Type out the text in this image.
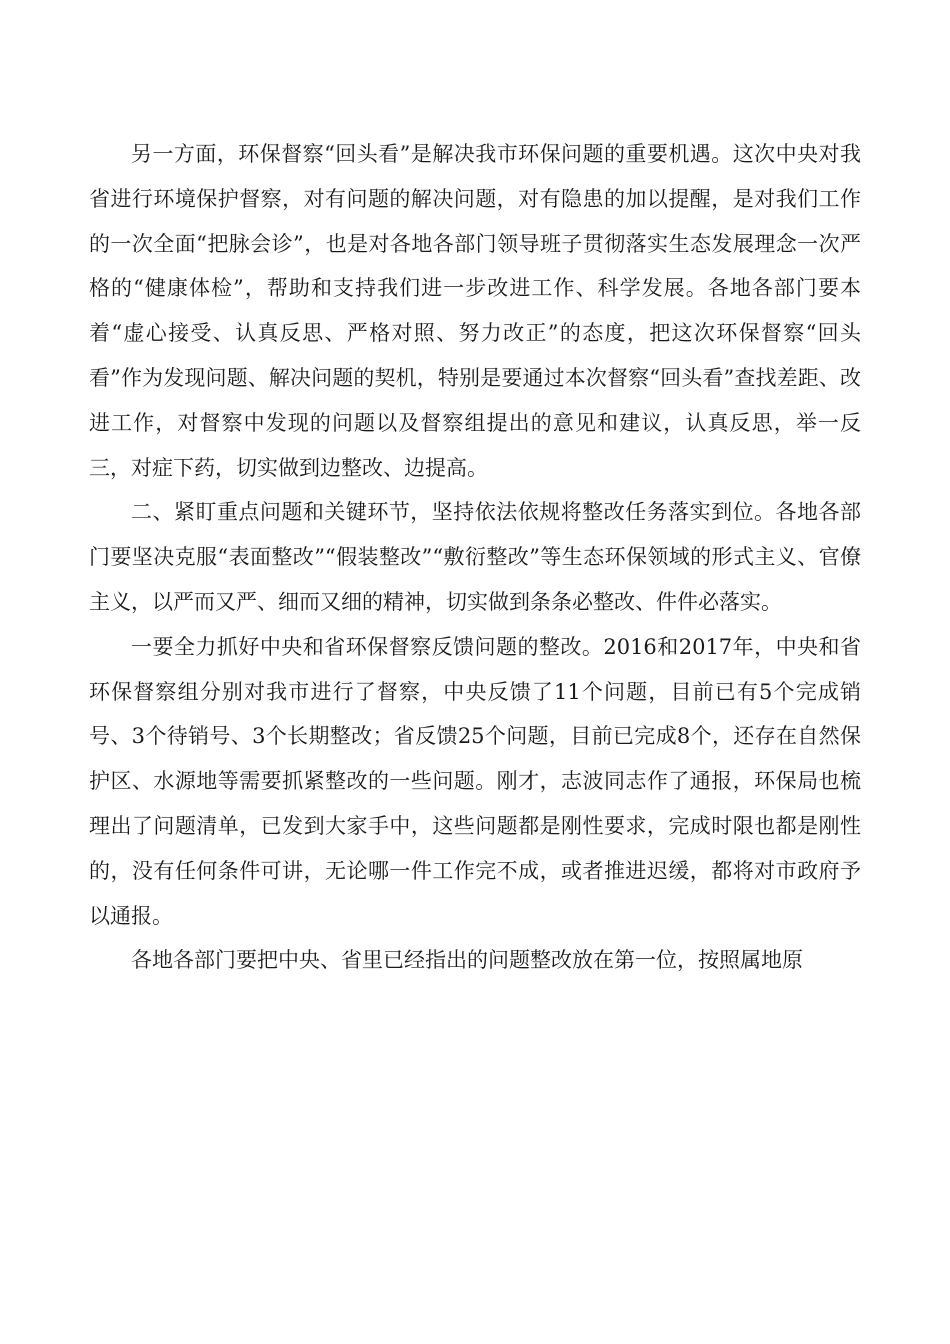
另一方面，环保督察“回头看”是解决我市环保问题的重要机遇。这次中央对我省进行环境保护督察，对有问题的解决问题，对有隐患的加以提醒，是对我们工作的一次全面“把脉会诊”，也是对各地各部门领导班子贯彻落实生态发展理念一次严格的“健康体检”，帮助和支持我们进一步改进工作、科学发展。各地各部门要本着“虚心接受、认真反思、严格对照、努力改正”的态度，把这次环保督察“回头看”作为发现问题、解决问题的契机，特别是要通过本次督察“回头看”查找差距、改进工作，对督察中发现的问题以及督察组提出的意见和建议，认真反思，举一反三，对症下药，切实做到边整改、边提高。

二、紧盯重点问题和关键环节，坚持依法依规将整改任务落实到位。各地各部门要坚决克服“表面整改”“假装整改”“敷衍整改”等生态环保领域的形式主义、官僚主义，以严而又严、细而又细的精神，切实做到条条必整改、件件必落实。

一要全力抓好中央和省环保督察反馈问题的整改。2016和2017年，中央和省环保督察组分别对我市进行了督察，中央反馈了11个问题，目前已有5个完成销号、3个待销号、3个长期整改；省反馈25个问题，目前已完成8个，还存在自然保护区、水源地等需要抓紧整改的一些问题。刚才，志波同志作了通报，环保局也梳理出了问题清单，已发到大家手中，这些问题都是刚性要求，完成时限也都是刚性的，没有任何条件可讲，无论哪一件工作完不成，或者推进迟缓，都将对市政府予以通报。

各地各部门要把中央、省里已经指出的问题整改放在第一位，按照属地原
